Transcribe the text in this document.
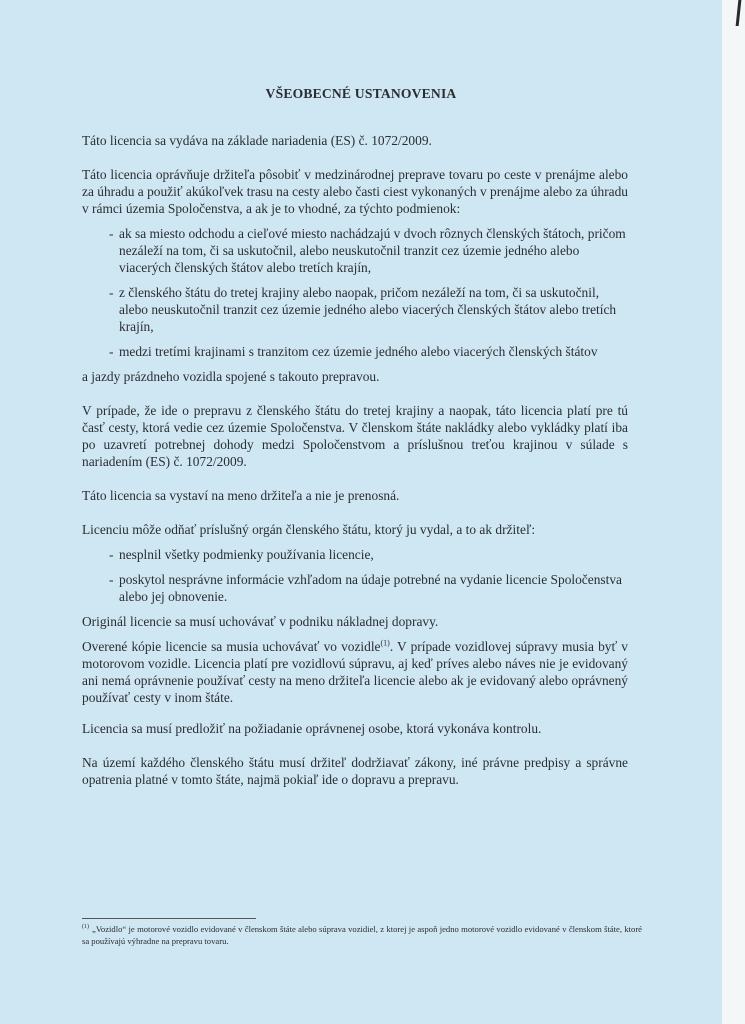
VŠEOBECNÉ USTANOVENIA

Táto licencia sa vydáva na základe nariadenia (ES) č. 1072/2009.

Táto licencia oprávňuje držiteľa pôsobiť v medzinárodnej preprave tovaru po ceste v prenájme alebo za úhradu a použiť akúkoľvek trasu na cesty alebo časti ciest vykonaných v prenájme alebo za úhradu v rámci územia Spoločenstva, a ak je to vhodné, za týchto podmienok:

- ak sa miesto odchodu a cieľové miesto nachádzajú v dvoch rôznych členských štátoch, pričom nezáleží na tom, či sa uskutočnil, alebo neuskutočnil tranzit cez územie jedného alebo viacerých členských štátov alebo tretích krajín,
- z členského štátu do tretej krajiny alebo naopak, pričom nezáleží na tom, či sa uskutočnil, alebo neuskutočnil tranzit cez územie jedného alebo viacerých členských štátov alebo tretích krajín,
- medzi tretími krajinami s tranzitom cez územie jedného alebo viacerých členských štátov

a jazdy prázdneho vozidla spojené s takouto prepravou.

V prípade, že ide o prepravu z členského štátu do tretej krajiny a naopak, táto licencia platí pre tú časť cesty, ktorá vedie cez územie Spoločenstva. V členskom štáte nakládky alebo vykládky platí iba po uzavretí potrebnej dohody medzi Spoločenstvom a príslušnou treťou krajinou v súlade s nariadením (ES) č. 1072/2009.

Táto licencia sa vystaví na meno držiteľa a nie je prenosná.

Licenciu môže odňať príslušný orgán členského štátu, ktorý ju vydal, a to ak držiteľ:

- nesplnil všetky podmienky používania licencie,
- poskytol nesprávne informácie vzhľadom na údaje potrebné na vydanie licencie Spoločenstva alebo jej obnovenie.

Originál licencie sa musí uchovávať v podniku nákladnej dopravy.

Overené kópie licencie sa musia uchovávať vo vozidle$^{(1)}$. V prípade vozidlovej súpravy musia byť v motorovom vozidle. Licencia platí pre vozidlovú súpravu, aj keď príves alebo náves nie je evidovaný ani nemá oprávnenie používať cesty na meno držiteľa licencie alebo ak je evidovaný alebo oprávnený používať cesty v inom štáte.

Licencia sa musí predložiť na požiadanie oprávnenej osobe, ktorá vykonáva kontrolu.

Na území každého členského štátu musí držiteľ dodržiavať zákony, iné právne predpisy a správne opatrenia platné v tomto štáte, najmä pokiaľ ide o dopravu a prepravu.

$^{(1)}$ „Vozidlo“ je motorové vozidlo evidované v členskom štáte alebo súprava vozidiel, z ktorej je aspoň jedno motorové vozidlo evidované v členskom štáte, ktoré sa používajú výhradne na prepravu tovaru.
